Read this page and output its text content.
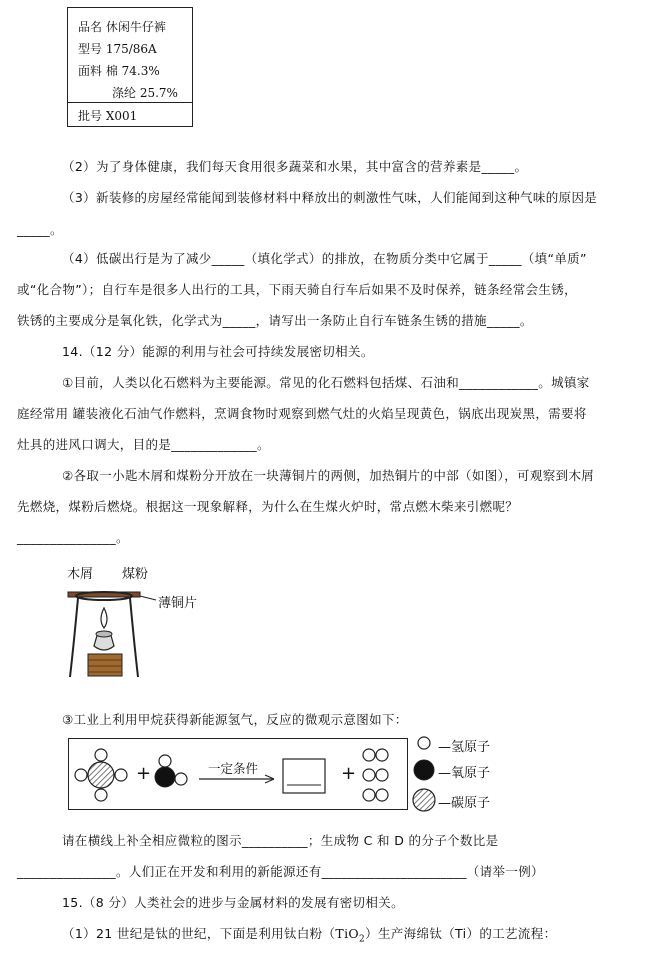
品名 休闲牛仔裤
型号 175/86A
面料 棉 74.3%
涤纶 25.7%
批号 X001
（2）为了身体健康，我们每天食用很多蔬菜和水果，其中富含的营养素是_____。
（3）新装修的房屋经常能闻到装修材料中释放出的刺激性气味，人们能闻到这种气味的原因是
_____。
（4）低碳出行是为了减少_____（填化学式）的排放，在物质分类中它属于_____（填“单质”
或“化合物”）；自行车是很多人出行的工具，下雨天骑自行车后如果不及时保养，链条经常会生锈，
铁锈的主要成分是氧化铁，化学式为_____，请写出一条防止自行车链条生锈的措施_____。
14.（12 分）能源的利用与社会可持续发展密切相关。
①目前，人类以化石燃料为主要能源。常见的化石燃料包括煤、石油和____________。城镇家
庭经常用 罐装液化石油气作燃料，烹调食物时观察到燃气灶的火焰呈现黄色，锅底出现炭黑，需要将
灶具的进风口调大，目的是_____________。
②各取一小匙木屑和煤粉分开放在一块薄铜片的两侧，加热铜片的中部（如图），可观察到木屑
先燃烧，煤粉后燃烧。根据这一现象解释，为什么在生煤火炉时，常点燃木柴来引燃呢？
_______________。
木屑 煤粉
薄铜片
③工业上利用甲烷获得新能源氢气，反应的微观示意图如下：
+	一定条件	+
—氢原子
—氧原子
—碳原子
请在横线上补全相应微粒的图示__________；生成物 C 和 D 的分子个数比是
_______________。人们正在开发和利用的新能源还有______________________（请举一例）
15.（8 分）人类社会的进步与金属材料的发展有密切相关。
（1）21 世纪是钛的世纪，下面是利用钛白粉（TiO$_2$）生产海绵钛（Ti）的工艺流程：
